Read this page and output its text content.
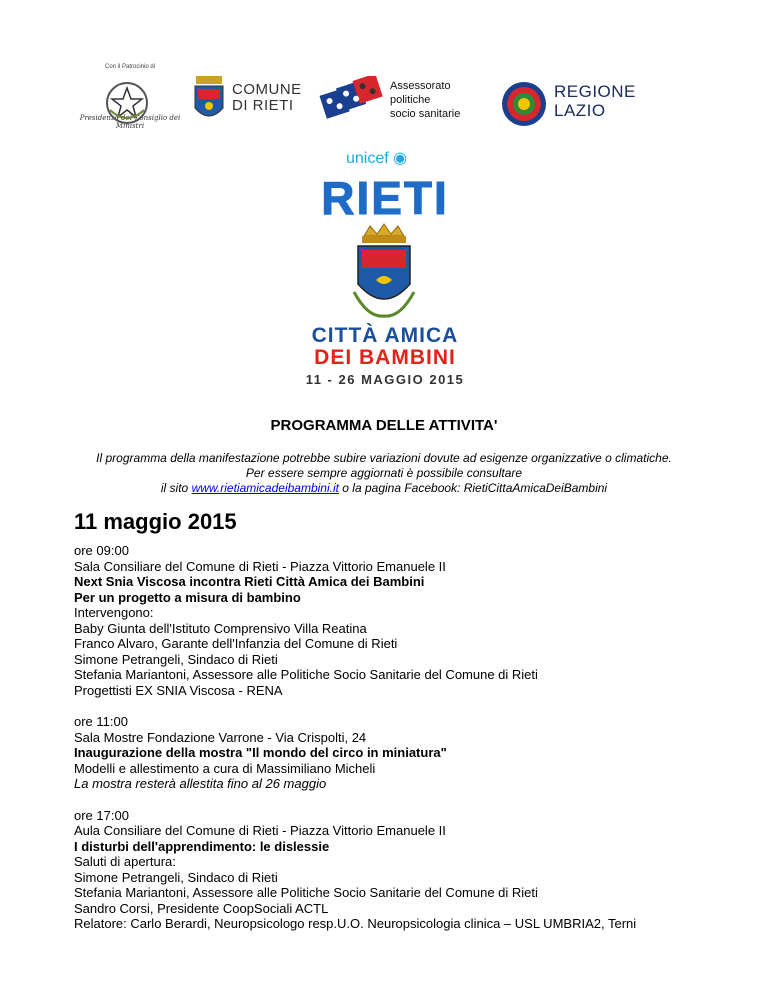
Con il Patrocinio di
Presidenza del Consiglio dei Ministri
COMUNE
DI RIETI
Assessorato
politiche
socio sanitarie
REGIONE
LAZIO
unicef ◉
RIETI
CITTÀ AMICA
DEI BAMBINI
11 - 26 MAGGIO 2015
PROGRAMMA DELLE ATTIVITA'
Il programma della manifestazione potrebbe subire variazioni dovute ad esigenze organizzative o climatiche.
Per essere sempre aggiornati è possibile consultare
il sito www.rietiamicadeibambini.it o la pagina Facebook: RietiCittaAmicaDeiBambini
11 maggio 2015
ore 09:00
Sala Consiliare del Comune di Rieti - Piazza Vittorio Emanuele II
Next Snia Viscosa incontra Rieti Città Amica dei Bambini
Per un progetto a misura di bambino
Intervengono:
Baby Giunta dell'Istituto Comprensivo Villa Reatina
Franco Alvaro, Garante dell'Infanzia del Comune di Rieti
Simone Petrangeli, Sindaco di Rieti
Stefania Mariantoni, Assessore alle Politiche Socio Sanitarie del Comune di Rieti
Progettisti EX SNIA Viscosa - RENA
ore 11:00
Sala Mostre Fondazione Varrone - Via Crispolti, 24
Inaugurazione della mostra "Il mondo del circo in miniatura"
Modelli e allestimento a cura di Massimiliano Micheli
La mostra resterà allestita fino al 26 maggio
ore 17:00
Aula Consiliare del Comune di Rieti - Piazza Vittorio Emanuele II
I disturbi dell'apprendimento: le dislessie
Saluti di apertura:
Simone Petrangeli, Sindaco di Rieti
Stefania Mariantoni, Assessore alle Politiche Socio Sanitarie del Comune di Rieti
Sandro Corsi, Presidente CoopSociali ACTL
Relatore: Carlo Berardi, Neuropsicologo resp.U.O. Neuropsicologia clinica – USL UMBRIA2, Terni
